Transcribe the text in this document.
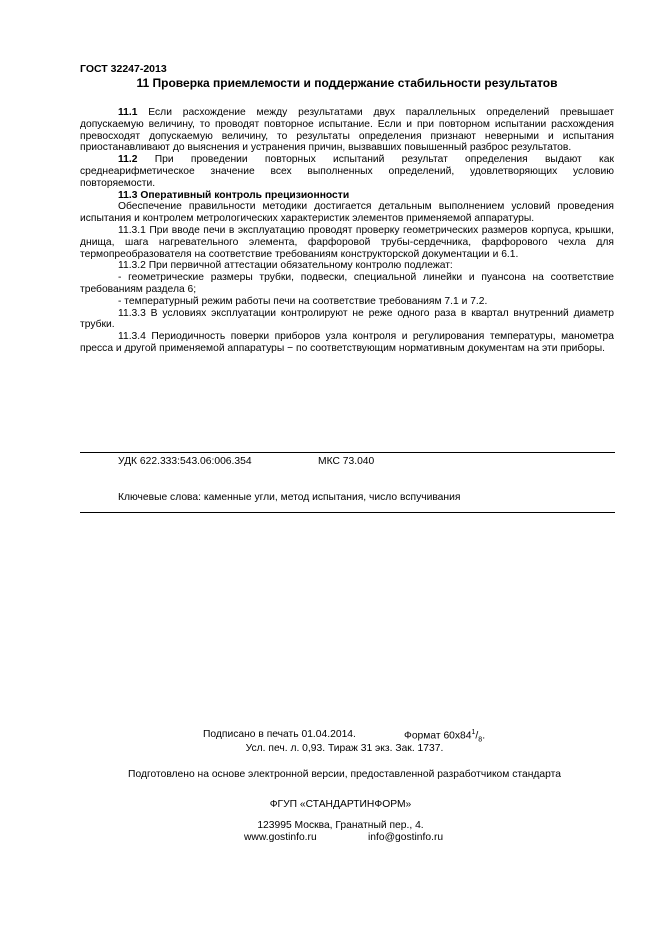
ГОСТ 32247-2013
11 Проверка приемлемости и поддержание стабильности результатов

11.1 Если расхождение между результатами двух параллельных определений превышает допускаемую величину, то проводят повторное испытание. Если и при повторном испытании расхождения превосходят допускаемую величину, то результаты определения признают неверными и испытания приостанавливают до выяснения и устранения причин, вызвавших повышенный разброс результатов.

11.2 При проведении повторных испытаний результат определения выдают как среднеарифметическое значение всех выполненных определений, удовлетворяющих условию повторяемости.

11.3 Оперативный контроль прецизионности

Обеспечение правильности методики достигается детальным выполнением условий проведения испытания и контролем метрологических характеристик элементов применяемой аппаратуры.

11.3.1 При вводе печи в эксплуатацию проводят проверку геометрических размеров корпуса, крышки, днища, шага нагревательного элемента, фарфоровой трубы-сердечника, фарфорового чехла для термопреобразователя на соответствие требованиям конструкторской документации и 6.1.

11.3.2 При первичной аттестации обязательному контролю подлежат:

- геометрические размеры трубки, подвески, специальной линейки и пуансона на соответствие требованиям раздела 6;

- температурный режим работы печи на соответствие требованиям 7.1 и 7.2.

11.3.3 В условиях эксплуатации контролируют не реже одного раза в квартал внутренний диаметр трубки.

11.3.4 Периодичность поверки приборов узла контроля и регулирования температуры, манометра пресса и другой применяемой аппаратуры − по соответствующим нормативным документам на эти приборы.

УДК 622.333:543.06:006.354	МКС 73.040
Ключевые слова: каменные угли, метод испытания, число вспучивания
Подписано в печать 01.04.2014.	Формат $60x84^1/_8$.
Усл. печ. л. 0,93. Тираж 31 экз. Зак. 1737.
Подготовлено на основе электронной версии, предоставленной разработчиком стандарта
ФГУП «СТАНДАРТИНФОРМ»
123995 Москва, Гранатный пер., 4.
www.gostinfo.ru	info@gostinfo.ru
